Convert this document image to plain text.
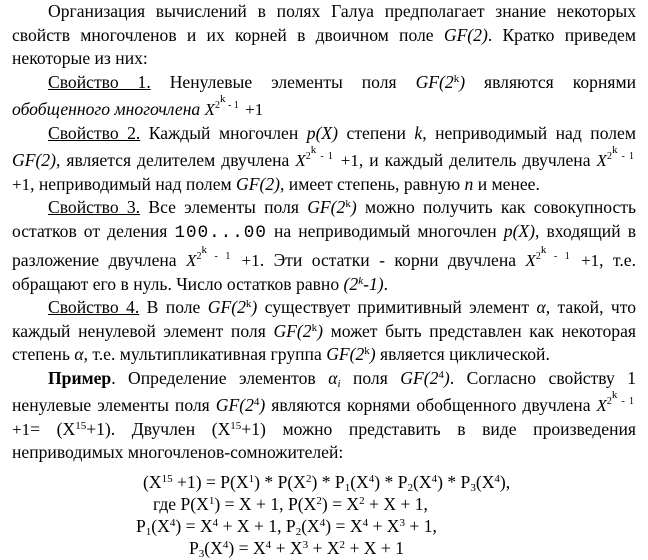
Организация вычислений в полях Галуа предполагает знание некоторых свойств многочленов и их корней в двоичном поле GF(2). Кратко приведем некоторые из них:

Свойство 1. Ненулевые элементы поля GF(2$^k$) являются корнями обобщенного многочлена $X^{2^k - 1} +1$

Свойство 2. Каждый многочлен p(X) степени k, неприводимый над полем GF(2), является делителем двучлена $X^{2^k - 1} +1$, и каждый делитель двучлена $X^{2^k - 1} +1$, неприводимый над полем GF(2), имеет степень, равную n и менее.

Свойство 3. Все элементы поля GF(2$^k$) можно получить как совокупность остатков от деления 100...00 на неприводимый многочлен p(X), входящий в разложение двучлена $X^{2^k - 1} +1$. Эти остатки - корни двучлена $X^{2^k - 1} +1$, т.е. обращают его в нуль. Число остатков равно (2$^k$-1).

Свойство 4. В поле GF(2$^k$) существует примитивный элемент α, такой, что каждый ненулевой элемент поля GF(2$^k$) может быть представлен как некоторая степень α, т.е. мультипликативная группа GF(2$^k$) является циклической.

Пример. Определение элементов $\alpha_i$ поля $GF(2^4)$. Согласно свойству 1 ненулевые элементы поля $GF(2^4)$ являются корнями обобщенного двучлена $X^{2^k - 1} +1= (X^{15}+1)$. Двучлен $(X^{15}+1)$ можно представить в виде произведения неприводимых многочленов-сомножителей:

$(X^{15} +1) = P(X^1) * P(X^2) * P_1(X^4) * P_2(X^4) * P_3(X^4)$,
где $P(X^1) = X + 1$, $P(X^2) = X^2 + X + 1$,
$P_1(X^4) = X^4 + X + 1$, $P_2(X^4) = X^4 + X^3 + 1$,
$P_3(X^4) = X^4 + X^3 + X^2 + X + 1$
